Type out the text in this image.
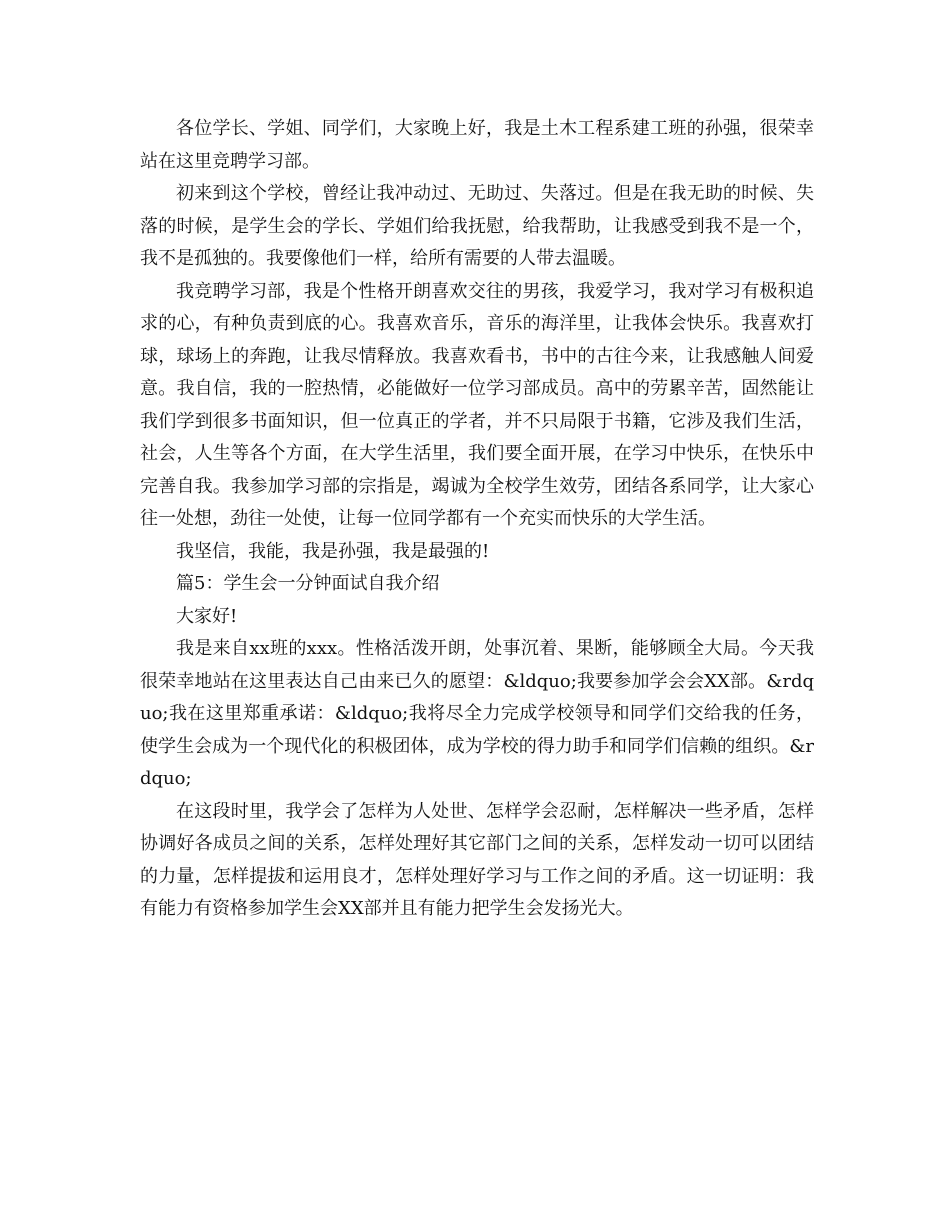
各位学长、学姐、同学们，大家晚上好，我是土木工程系建工班的孙强，很荣幸站在这里竞聘学习部。

初来到这个学校，曾经让我冲动过、无助过、失落过。但是在我无助的时候、失落的时候，是学生会的学长、学姐们给我抚慰，给我帮助，让我感受到我不是一个，我不是孤独的。我要像他们一样，给所有需要的人带去温暖。

我竞聘学习部，我是个性格开朗喜欢交往的男孩，我爱学习，我对学习有极积追求的心，有种负责到底的心。我喜欢音乐，音乐的海洋里，让我体会快乐。我喜欢打球，球场上的奔跑，让我尽情释放。我喜欢看书，书中的古往今来，让我感触人间爱意。我自信，我的一腔热情，必能做好一位学习部成员。高中的劳累辛苦，固然能让我们学到很多书面知识，但一位真正的学者，并不只局限于书籍，它涉及我们生活，社会，人生等各个方面，在大学生活里，我们要全面开展，在学习中快乐，在快乐中完善自我。我参加学习部的宗指是，竭诚为全校学生效劳，团结各系同学，让大家心往一处想，劲往一处使，让每一位同学都有一个充实而快乐的大学生活。

我坚信，我能，我是孙强，我是最强的!

篇5：学生会一分钟面试自我介绍

大家好!

我是来自xx班的xxx。性格活泼开朗，处事沉着、果断，能够顾全大局。今天我很荣幸地站在这里表达自己由来已久的愿望：&ldquo;我要参加学会会XX部。&rdquo;我在这里郑重承诺：&ldquo;我将尽全力完成学校领导和同学们交给我的任务，使学生会成为一个现代化的积极团体，成为学校的得力助手和同学们信赖的组织。&rdquo;

在这段时里，我学会了怎样为人处世、怎样学会忍耐，怎样解决一些矛盾，怎样协调好各成员之间的关系，怎样处理好其它部门之间的关系，怎样发动一切可以团结的力量，怎样提拔和运用良才，怎样处理好学习与工作之间的矛盾。这一切证明：我有能力有资格参加学生会XX部并且有能力把学生会发扬光大。
